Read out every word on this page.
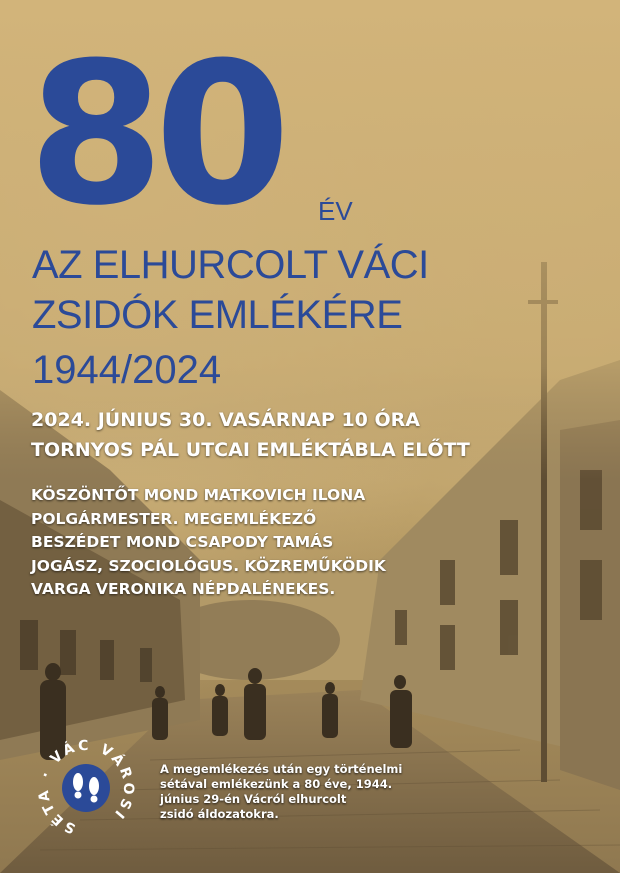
80	ÉV
AZ ELHURCOLT VÁCI
ZSIDÓK EMLÉKÉRE
1944/2024
2024. JÚNIUS 30. VASÁRNAP 10 ÓRA
TORNYOS PÁL UTCAI EMLÉKTÁBLA ELŐTT
KÖSZÖNTŐT MOND MATKOVICH ILONA
POLGÁRMESTER. MEGEMLÉKEZŐ
BESZÉDET MOND CSAPODY TAMÁS
JOGÁSZ, SZOCIOLÓGUS. KÖZREMŰKÖDIK
VARGA VERONIKA NÉPDALÉNEKES.
SÉTA · VÁC VÁROSI
A megemlékezés után egy történelmi
sétával emlékezünk a 80 éve, 1944.
június 29-én Vácról elhurcolt
zsidó áldozatokra.
